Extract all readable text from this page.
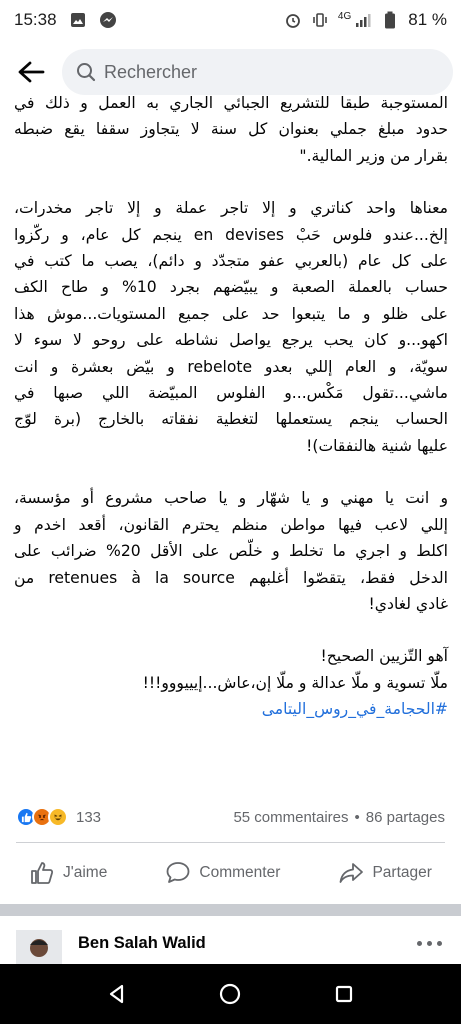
15:38	4G	81 %
Rechercher

المستوجبة طبقا للتشريع الجبائي الجاري به العمل و ذلك في
حدود مبلغ جملي بعنوان كل سنة لا يتجاوز سقفا يقع ضبطه
بقرار من وزير المالية."

معناها واحد كناتري و إلا تاجر عملة و إلا تاجر مخدرات،
إلخ...عندو فلوس حَبْ en devises ينجم كل عام، و ركّزوا
على كل عام (بالعربي عفو متجدّد و دائم)، يصب ما كتب في
حساب بالعملة الصعبة و يبيّضهم بجرد 10% و طاح الكف
على ظلو و ما يتبعوا حد على جميع المستويات...موش هذا
اكهو...و كان يحب يرجع يواصل نشاطه على روحو لا سوء لا
سويّة، و العام إللي بعدو rebelote و بيّض بعشرة و انت
ماشي...تقول مَكْس...و الفلوس المبيّضة اللي صبها في
الحساب ينجم يستعملها لتغطية نفقاته بالخارج (برة لوّج
عليها شنية هالنفقات)!

و انت يا مهني و يا شهّار و يا صاحب مشروع أو مؤسسة،
إللي لاعب فيها مواطن منظم يحترم القانون، أقعد اخدم و
اكلط و اجري ما تخلط و خلّص على الأقل 20% ضرائب على
الدخل فقط، يتقصّوا أغلبهم retenues à la source من
غادي لغادي!

آهو التّزيين الصحيح!
ملّا تسوية و ملّا عدالة و ملّا إن،عاش...إيييووو!!!
#الحجامة_في_روس_اليتامى

133	55 commentaires • 86 partages
J'aime	Commenter	Partager
Ben Salah Walid
